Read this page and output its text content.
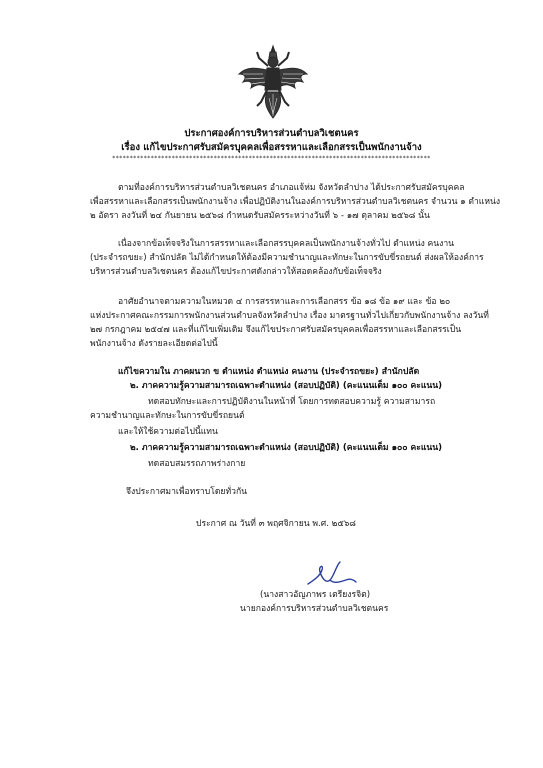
ประกาศองค์การบริหารส่วนตำบลวิเชตนคร
เรื่อง แก้ไขประกาศรับสมัครบุคคลเพื่อสรรหาและเลือกสรรเป็นพนักงานจ้าง
*******************************************************************************************
ตามที่องค์การบริหารส่วนตำบลวิเชตนคร อำเภอแจ้ห่ม จังหวัดลำปาง ได้ประกาศรับสมัครบุคคล
เพื่อสรรหาและเลือกสรรเป็นพนักงานจ้าง เพื่อปฏิบัติงานในองค์การบริหารส่วนตำบลวิเชตนคร จำนวน ๑ ตำแหน่ง
๒ อัตรา ลงวันที่ ๒๔ กันยายน ๒๕๖๘ กำหนดรับสมัครระหว่างวันที่ ๖ - ๑๗ ตุลาคม ๒๕๖๘ นั้น
เนื่องจากข้อเท็จจริงในการสรรหาและเลือกสรรบุคคลเป็นพนักงานจ้างทั่วไป ตำแหน่ง คนงาน
(ประจำรถขยะ) สำนักปลัด ไม่ได้กำหนดให้ต้องมีความชำนาญและทักษะในการขับขี่รถยนต์ ส่งผลให้องค์การ
บริหารส่วนตำบลวิเชตนคร ต้องแก้ไขประกาศดังกล่าวให้สอดคล้องกับข้อเท็จจริง
อาศัยอำนาจตามความในหมวด ๔ การสรรหาและการเลือกสรร ข้อ ๑๘ ข้อ ๑๙ และ ข้อ ๒๐
แห่งประกาศคณะกรรมการพนักงานส่วนตำบลจังหวัดลำปาง เรื่อง มาตรฐานทั่วไปเกี่ยวกับพนักงานจ้าง ลงวันที่
๒๗ กรกฎาคม ๒๕๔๗ และที่แก้ไขเพิ่มเติม จึงแก้ไขประกาศรับสมัครบุคคลเพื่อสรรหาและเลือกสรรเป็น
พนักงานจ้าง ดังรายละเอียดต่อไปนี้
แก้ไขความใน ภาคผนวก ข ตำแหน่ง ตำแหน่ง คนงาน (ประจำรถขยะ) สำนักปลัด
๒. ภาคความรู้ความสามารถเฉพาะตำแหน่ง (สอบปฏิบัติ) (คะแนนเต็ม ๑๐๐ คะแนน)
ทดสอบทักษะและการปฏิบัติงานในหน้าที่ โดยการทดสอบความรู้ ความสามารถ
ความชำนาญและทักษะในการขับขี่รถยนต์
และให้ใช้ความต่อไปนี้แทน
๒. ภาคความรู้ความสามารถเฉพาะตำแหน่ง (สอบปฏิบัติ) (คะแนนเต็ม ๑๐๐ คะแนน)
ทดสอบสมรรถภาพร่างกาย
จึงประกาศมาเพื่อทราบโดยทั่วกัน
ประกาศ ณ วันที่ ๓ พฤศจิกายน พ.ศ. ๒๕๖๘
(นางสาวอัญภาพร เตรียงรจิต)
นายกองค์การบริหารส่วนตำบลวิเชตนคร
